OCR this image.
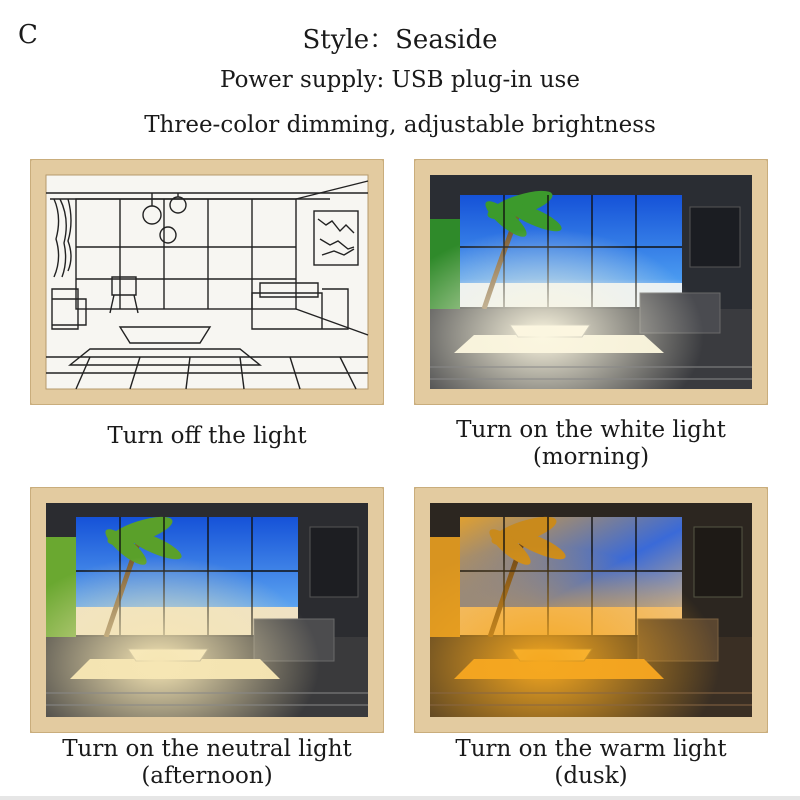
C	Style：Seaside
Power supply: USB plug-in use
Three-color dimming, adjustable brightness
Turn off the light	Turn on the white light
(morning)
Turn on the neutral light
(afternoon)
Turn on the warm light
(dusk)
